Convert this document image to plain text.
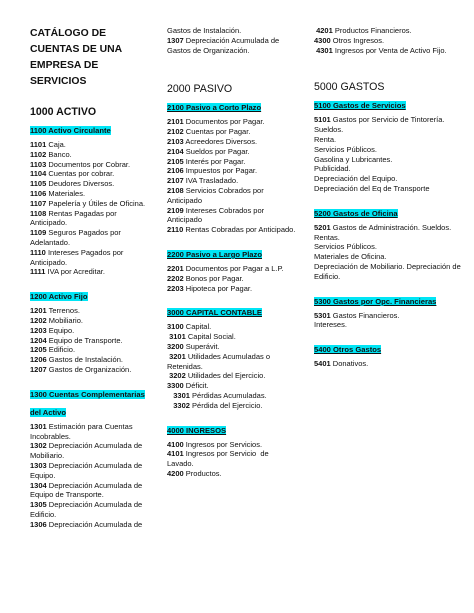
CATÁLOGO DE CUENTAS DE UNA EMPRESA DE SERVICIOS
1000 ACTIVO
1100 Activo Circulante
1101 Caja.
1102 Banco.
1103 Documentos por Cobrar.
1104 Cuentas por cobrar.
1105 Deudores Diversos.
1106 Materiales.
1107 Papelería y Útiles de Oficina.
1108 Rentas Pagadas por Anticipado.
1109 Seguros Pagados por Adelantado.
1110 Intereses Pagados por Anticipado.
1111 IVA por Acreditar.
1200 Activo Fijo
1201 Terrenos.
1202 Mobiliario.
1203 Equipo.
1204 Equipo de Transporte.
1205 Edificio.
1206 Gastos de Instalación.
1207 Gastos de Organización.
1300 Cuentas Complementarias del Activo
1301 Estimación para Cuentas Incobrables.
1302 Depreciación Acumulada de Mobiliario.
1303 Depreciación Acumulada de Equipo.
1304 Depreciación Acumulada de Equipo de Transporte.
1305 Depreciación Acumulada de Edificio.
1306 Depreciación Acumulada de
Gastos de Instalación.
1307 Depreciación Acumulada de Gastos de Organización.
2000 PASIVO
2100 Pasivo a Corto Plazo
2101 Documentos por Pagar.
2102 Cuentas por Pagar.
2103 Acreedores Diversos.
2104 Sueldos por Pagar.
2105 Interés por Pagar.
2106 Impuestos por Pagar.
2107 IVA Trasladado.
2108 Servicios Cobrados por Anticipado
2109 Intereses Cobrados por Anticipado
2110 Rentas Cobradas por Anticipado.
2200 Pasivo a Largo Plazo
2201 Documentos por Pagar a L.P.
2202 Bonos por Pagar.
2203 Hipoteca por Pagar.
3000 CAPITAL CONTABLE
3100 Capital.
3101 Capital Social.
3200 Superávit.
3201 Utilidades Acumuladas o Retenidas.
3202 Utilidades del Ejercicio.
3300 Déficit.
3301 Pérdidas Acumuladas.
3302 Pérdida del Ejercicio.
4000 INGRESOS
4100 Ingresos por Servicios.
4101 Ingresos por Servicio  de Lavado.
4200 Productos.
4201 Productos Financieros.
4300 Otros Ingresos.
4301 Ingresos por Venta de Activo Fijo.
5000 GASTOS
5100 Gastos de Servicios
5101 Gastos por Servicio de Tintorería.
Sueldos.
Renta.
Servicios Públicos.
Gasolina y Lubricantes.
Publicidad.
Depreciación del Equipo.
Depreciación del Eq de Transporte
5200 Gastos de Oficina
5201 Gastos de Administración. Sueldos.
Rentas.
Servicios Públicos.
Materiales de Oficina.
Depreciación de Mobiliario. Depreciación de Edificio.
5300 Gastos por Opc. Financieras
5301 Gastos Financieros.
Intereses.
5400 Otros Gastos
5401 Donativos.
